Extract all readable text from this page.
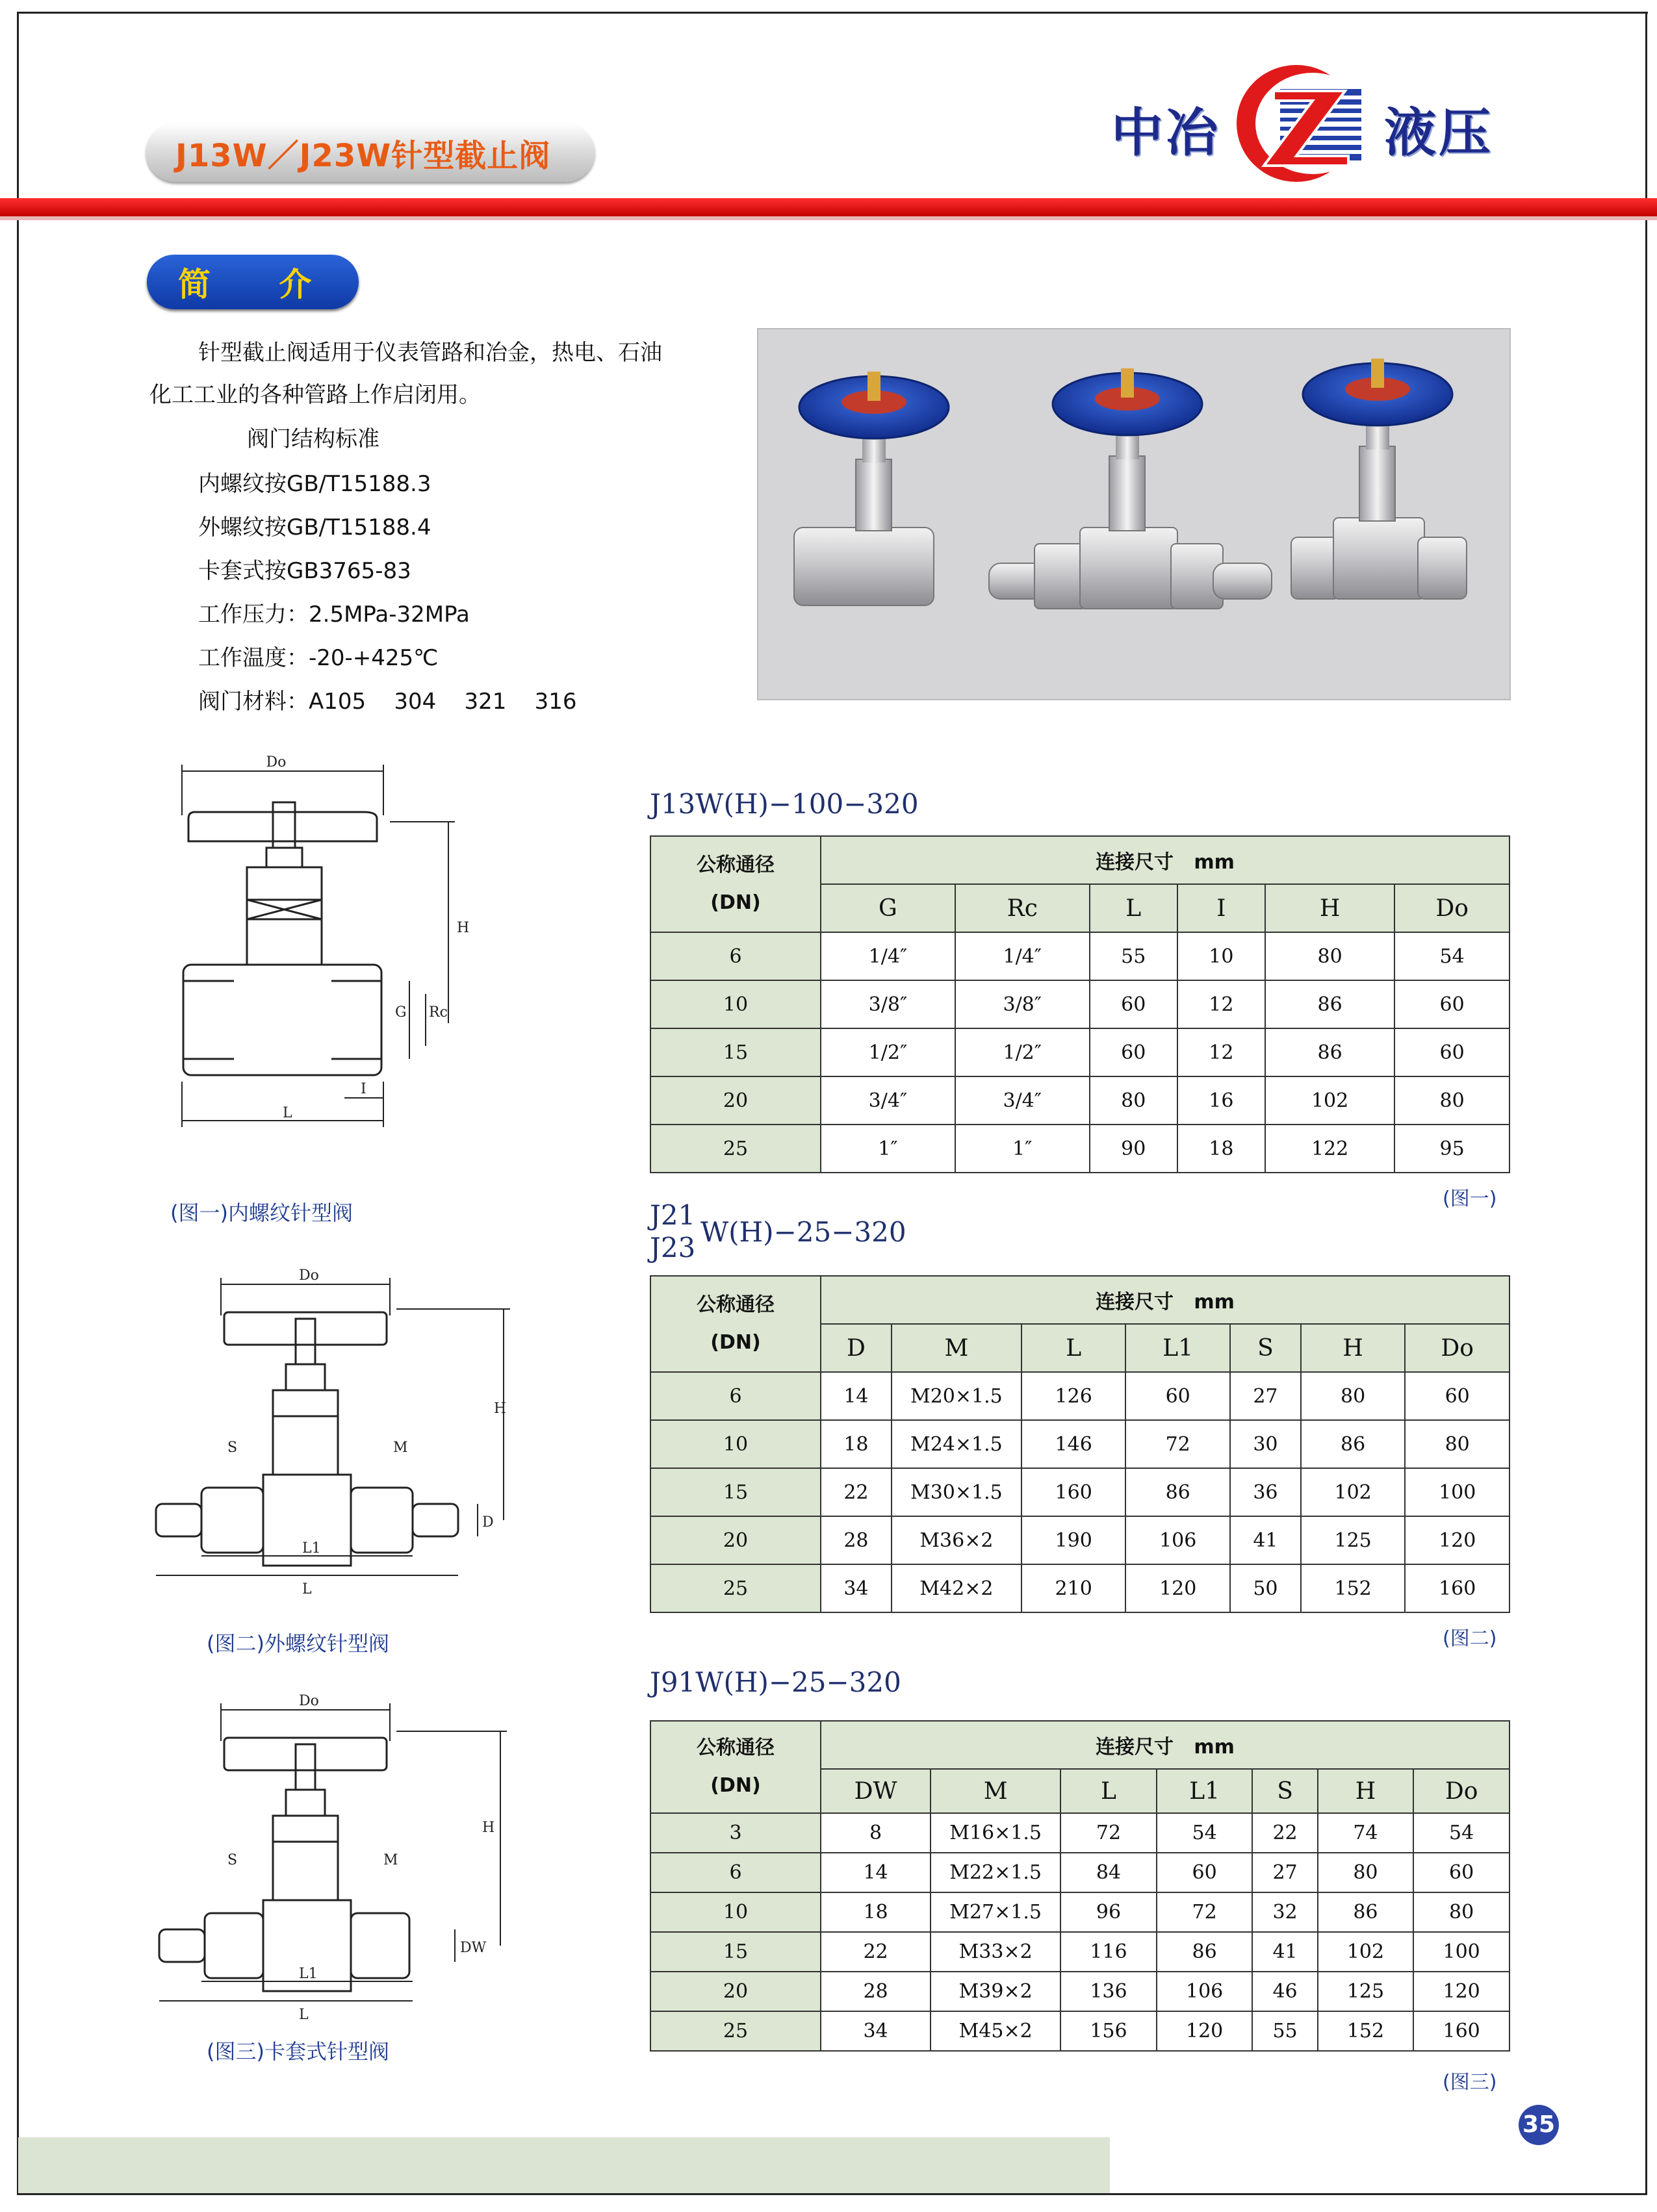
J13W／J23W针型截止阀	中冶	液压
简 介
针型截止阀适用于仪表管路和冶金，热电、石油
化工工业的各种管路上作启闭用。
阀门结构标准
内螺纹按GB/T15188.3
外螺纹按GB/T15188.4
卡套式按GB3765-83
工作压力：2.5MPa-32MPa
工作温度：-20-+425℃
阀门材料：A105    304    321    316
Do
L
I
H
G Rc
(图一)内螺纹针型阀
Do
L1
L
S	M
H
D
(图二)外螺纹针型阀
Do
L1
L
S	M
H
DW
(图三)卡套式针型阀
J13W(H)−100−320
公称通径
(DN)	连接尺寸   mm					
	G	Rc	L	I	H	Do
6	1/4″	1/4″	55	10	80	54
10	3/8″	3/8″	60	12	86	60
15	1/2″	1/2″	60	12	86	60
20	3/4″	3/4″	80	16	102	80
25	1″	1″	90	18	122	95
(图一)
J21
J23 W(H)−25−320
公称通径
(DN)	连接尺寸   mm						
	D	M	L	L1	S	H	Do
6	14	M20×1.5	126	60	27	80	60
10	18	M24×1.5	146	72	30	86	80
15	22	M30×1.5	160	86	36	102	100
20	28	M36×2	190	106	41	125	120
25	34	M42×2	210	120	50	152	160
(图二)
J91W(H)−25−320
公称通径
(DN)	连接尺寸   mm						
	DW	M	L	L1	S	H	Do
3	8	M16×1.5	72	54	22	74	54
6	14	M22×1.5	84	60	27	80	60
10	18	M27×1.5	96	72	32	86	80
15	22	M33×2	116	86	41	102	100
20	28	M39×2	136	106	46	125	120
25	34	M45×2	156	120	55	152	160
(图三)
35
